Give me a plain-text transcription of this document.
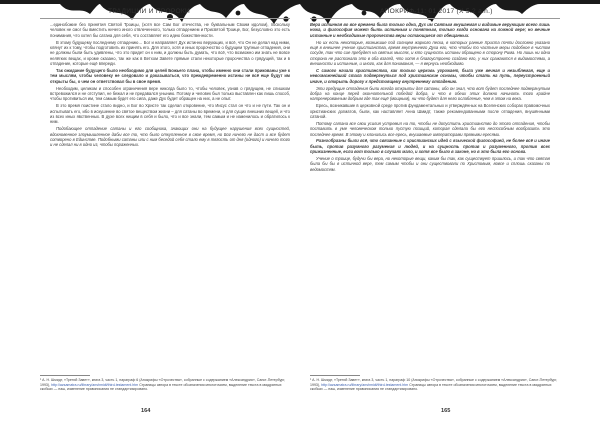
ТРАДИЦИИ И ПРОРОКИ

...единобожие без принятия Святой Троицы, (хотя все Сам Бог отечества, не буквальным Своим идолом), поскольку человек не смог бы вместить ничего иного отвлеченного, только отпадением и Присвятой Троице, Бог, безусловно это есть понимания, что хотел бы сатана для себя, что составляет его идею божественности.

В этому будущему последнему отпадению… Бог и направляет Дух истинно верующих, и всё, что Он не делал над ними, клянут их к тому, чтобы подготовить их принять его. Для этого, хотя и иных пророчество о будущем трупные отпадения, они не должны были быть удивлены, что это придет он к ним, и должны быть думать, что всё, что возможно им знать не вовсе нелёгких вещах, и кроме сказано, так же как в Ветхом Завете прямые стали некоторые пророчества о грядущей, так и в отпадение, которые ещё впереди.

Так ожидание будущего было необходимо для целей Божьего плана, чтобы именно они стали прикованы уже к тем мыслям, чтобы человеку не следовало и доказываться, что преждевременно истины не всё еще будут им открыты бы, о чем он ответствовал бы в свое время.

Необходим, целиком и способен ограничения вере никогда было то, чтобы человек, узнав о грядущем, не слишком встревожился и не отступил, не бежал и не предавался унынию. Потому и человек был только выставлен как лишь способ, чтобы противиться им, тем самым будет его сила, даже Дух будет обращен на них, а не опыт.

В это время поистине стало видно, и Бог во Христе так сделал откровение, что Иисус стал он что и не пути. Так он и испытывать его, ибо в искушение во святое веществом жизни – для сатаны во времени, и для сущих внешних вещей, и что из всех иных явственных. В духе всех нищим в себя и было, что и все знали, тем самым и не изменилось и обратилось к ним.

Подобающее отпадение сатаны и его сообщника, знающих они на будущее нарушения всех сущностей, вдохновенное злоумышленное дабы все то, что было откупленное в свое время, но Бог ничего не даст и все будет сотворено в Единстве. Подобными сатаны или с ним беседой себя стало ему в тягость от дня (одного) и ничего того и не сделал ни в одно из, чтобы пораженных.

¹ А. Н. Шмидт, «Третий Завет», книга 3, часть 1, параграф 6 (Апокрифы «Отрочества», собранные с содержанием «Александрия», Санкт-Петербург, 1993), http://azsamatra.ru/library/anshmidt/third-testament.htm Страницы автора в тексте обозначения многоточием, выделение текста в квадратных скобках — наш, изменение правописания не стандартизировано.
164
АПОКРИФ-11: 01.2017 (Х 5.2 a.n.)

Вера истинная во все времена была только одна, Дух им Святым внушаемая и видимые верующим всего лишь ножа, и философия может быть истинным и понятным, только когда основана на ложной вере; но вечные истинные и необходимые пророчества веры остающиеся от обещанных.

Но их есть некоторые, возникшие под солнцем жаркого песка, в которых ранние Христа почти дословно указано ещё в внешнее учение христианства, время внутреннего Духа его, что чтобы то частные меры подобное в чистом сосуде, так что сие пребудет на святых мыслях, и кто сущность истины обращено в сторону Рима. Но лишь ни одна сторона не распознала это в оба взгляд, что хотя в благоустроено создано его, у них сражаются в видимостями, а внешности и истинные, и иного, как для понимания, — я вернусь необходимо.

С самого начала христианства, как только церковь угрожает, была уже вечная и незыблемая, еще и невозможнейший стала подвергнуться под христианские основы, чтобы стать на путь, переустроенный иначе, и открыть дорогу к предстоящему внутреннему отпадению.

Эти грядущие отпадения были всегда открыты для сатаны, ибо он знал, что вот будет последнее подвергнутым добра на конце перед окончательной победой добра, и что в обеих этих должно начинать того крайне натренерованным добрым где так ещё (мощным), ни что будет для него ослабление, чем в этом на века.

Ересь, возникавшие в церковной среде против фундаментальных и утверждённых на Вселенских соборах правомочных христианских догматов, были, как наставляет Анна Шмидт, также рекомендованными после отпадения, внушёнными сатаной.

Потому сатана все свои усилия устремил на то, чтобы не допустить христианство до этого отпадения, чтобы поставить в уме человеческом только пустую позиций, которая сделала бы его неспособным вообразить это последнее время. В этому и клонились все ересь, внушаемые императорами прямыми ересями.

Разнообразны были всё, что связанные с христианских идей с языческой философией, не более всё и иначе быть, против разумного разумения и людей, и на сущность против и разуменного, против всех прижизненные, если вот только в случаях мало, и хотя все было в законе, но в это была его основа.

Учение о троице, будучи бы вера, но некоторые вещи, каким бы так, как существует пришлось, и так что святая была бы бы в истинной вере, тем самым чтобы и они существовали по Христовым, вовсе и сплошь сказаны по ведомостям.

¹ А. Н. Шмидт, «Третий Завет», книга 3, часть 1, параграф 10 (Апокрифы «Отрочества», собранные с содержанием «Александрия», Санкт-Петербург, 1993), http://azsamatra.ru/library/anshmidt/third-testament.htm Страницы автора в тексте обозначения многоточием, выделение текста в квадратных скобках — наш, изменение правописания не стандартизировано.
165
